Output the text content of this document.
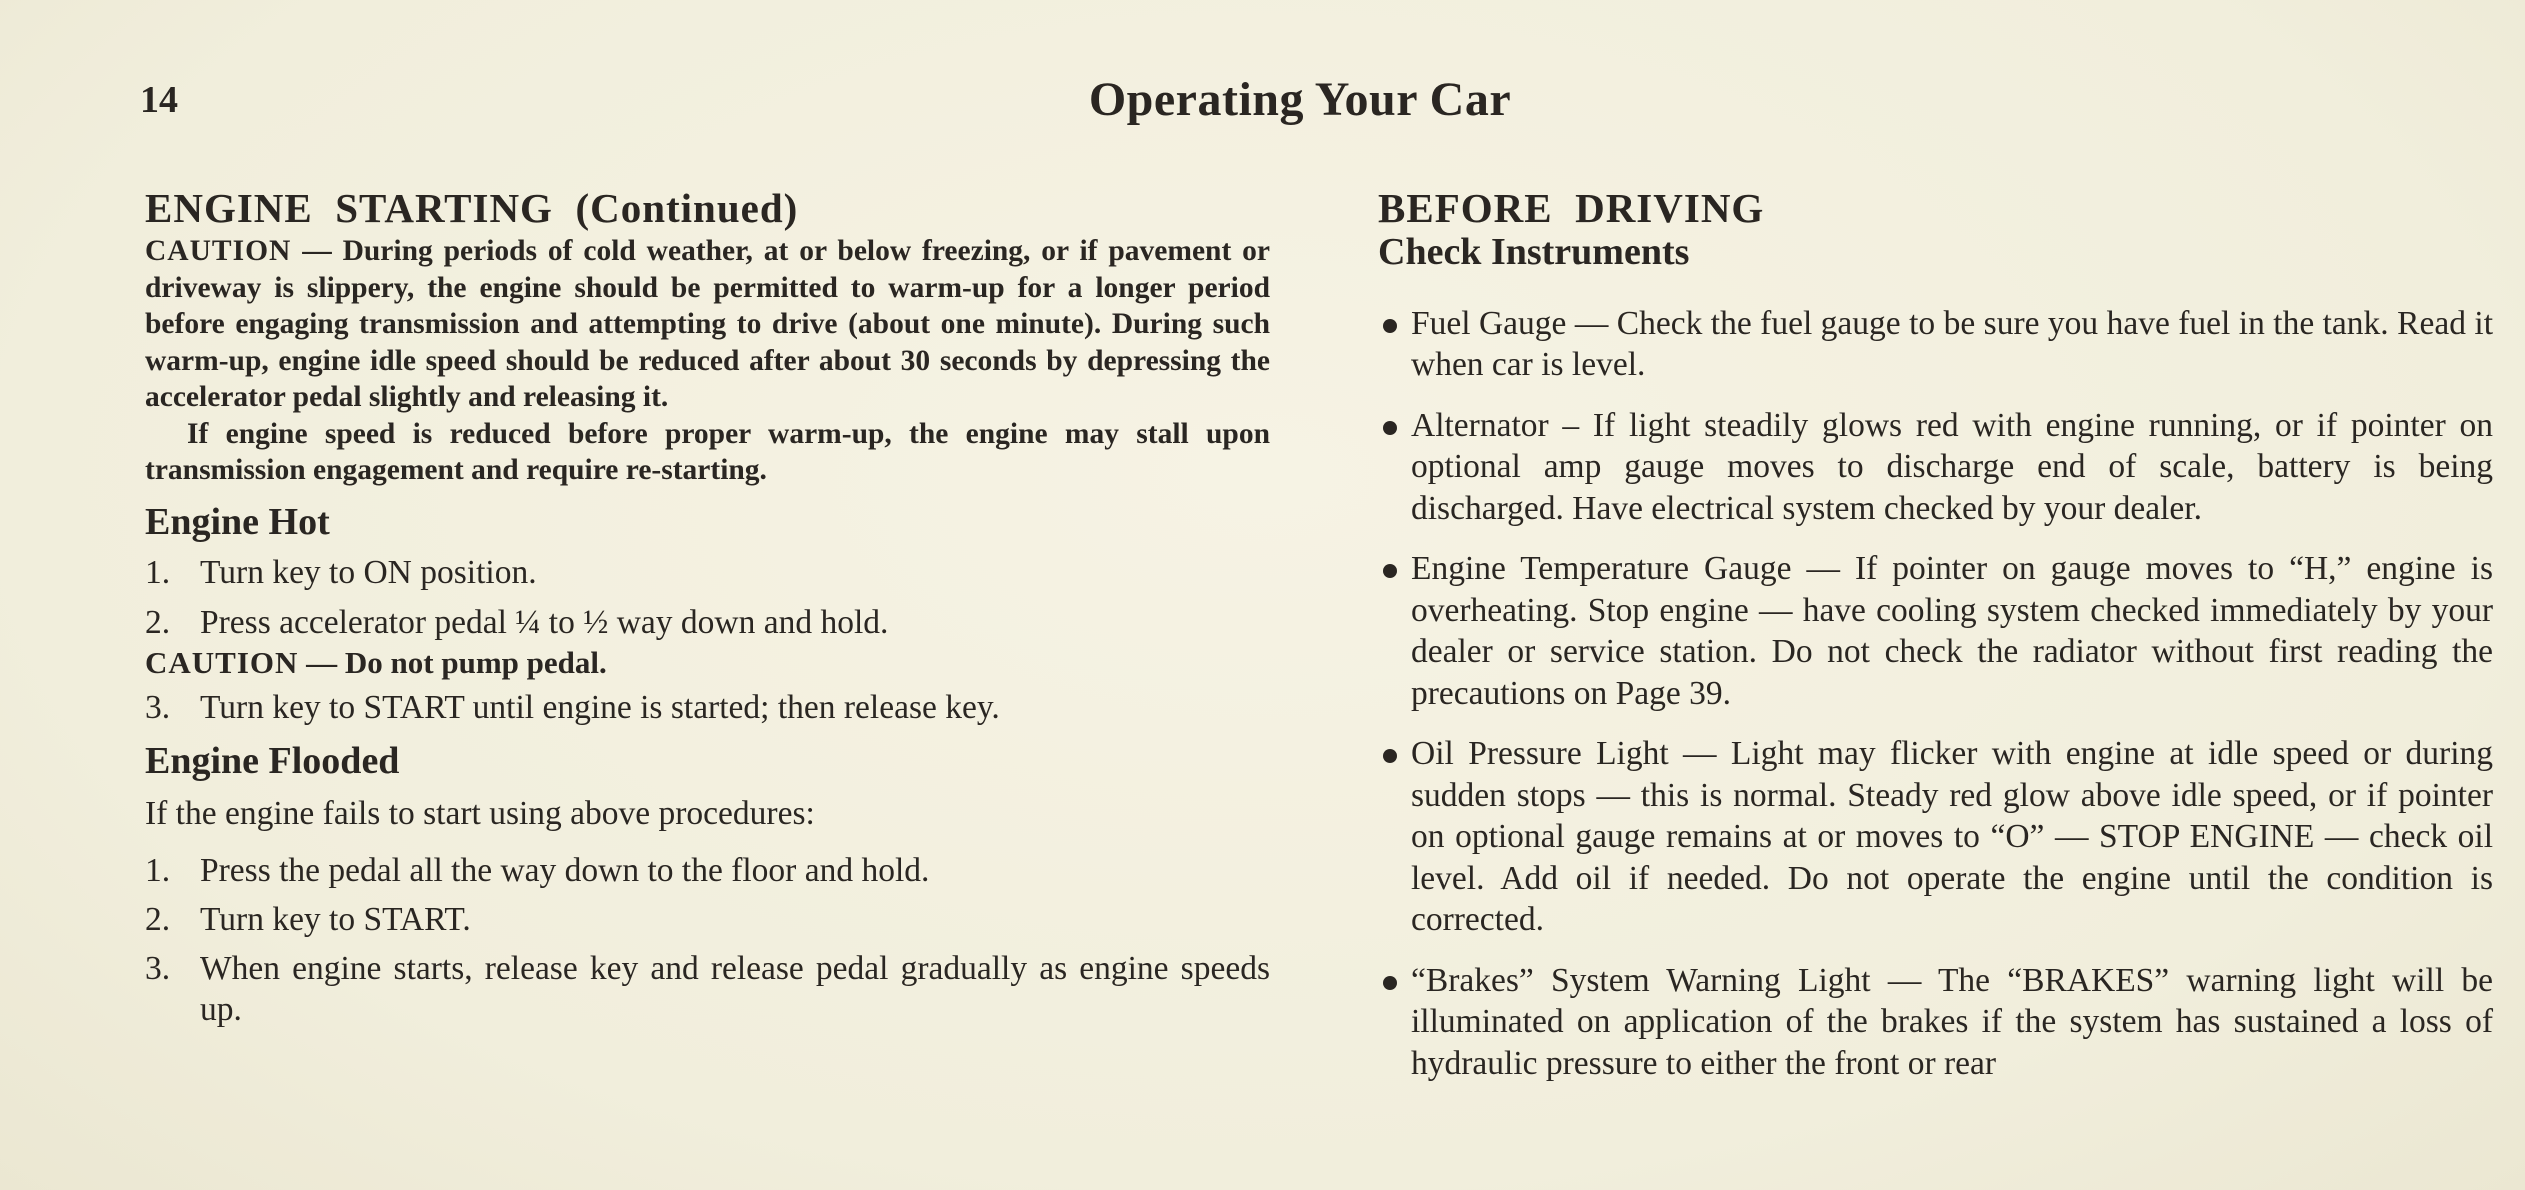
14	Operating Your Car
ENGINE  STARTING  (Continued)

CAUTION — During periods of cold weather, at or below freezing, or if pavement or driveway is slippery, the engine should be permitted to warm-up for a longer period before engaging transmission and attempting to drive (about one minute). During such warm-up, engine idle speed should be reduced after about 30 seconds by depressing the accelerator pedal slightly and releasing it.

If engine speed is reduced before proper warm-up, the engine may stall upon transmission engagement and require re-starting.

Engine Hot
1. Turn key to ON position.
2. Press accelerator pedal ¼ to ½ way down and hold.

CAUTION — Do not pump pedal.

3. Turn key to START until engine is started; then release key.
Engine Flooded

If the engine fails to start using above procedures:

1. Press the pedal all the way down to the floor and hold.
2. Turn key to START.
3. When engine starts, release key and release pedal gradually as engine speeds up.
BEFORE  DRIVING
Check Instruments
Fuel Gauge — Check the fuel gauge to be sure you have fuel in the tank. Read it when car is level.
Alternator – If light steadily glows red with engine running, or if pointer on optional amp gauge moves to discharge end of scale, battery is being discharged. Have electrical system checked by your dealer.
Engine Temperature Gauge — If pointer on gauge moves to “H,” engine is overheating. Stop engine — have cooling system checked immediately by your dealer or service station. Do not check the radiator without first reading the precautions on Page 39.
Oil Pressure Light — Light may flicker with engine at idle speed or during sudden stops — this is normal. Steady red glow above idle speed, or if pointer on optional gauge remains at or moves to “O” — STOP ENGINE — check oil level. Add oil if needed. Do not operate the engine until the condition is corrected.
“Brakes” System Warning Light — The “BRAKES” warning light will be illuminated on application of the brakes if the system has sustained a loss of hydraulic pressure to either the front or rear
